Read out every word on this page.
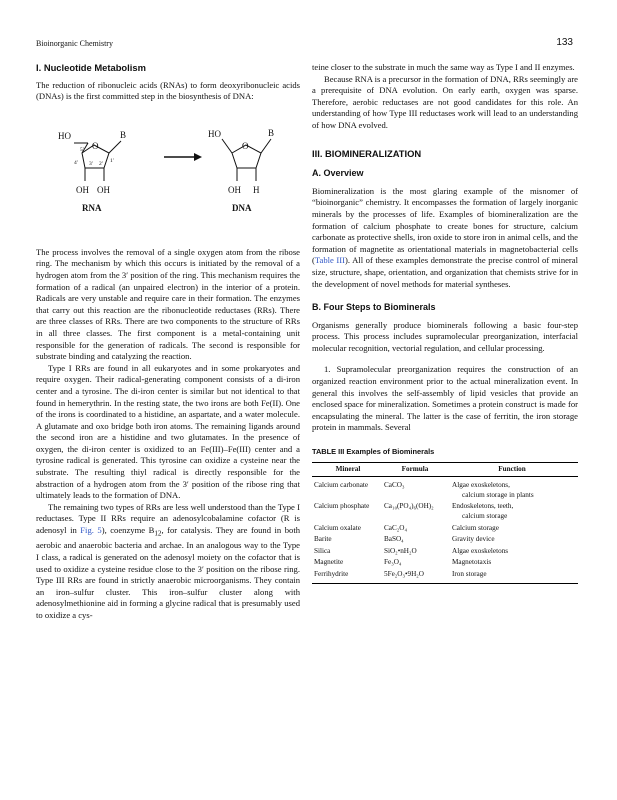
Bioinorganic Chemistry	133
I. Nucleotide Metabolism

The reduction of ribonucleic acids (RNAs) to form deoxyribonucleic acids (DNAs) is the first committed step in the biosynthesis of DNA:

HO	B
O
OH OH
HO	B
O
OH H
5′
4′ 3′ 2′ 1′
RNA	DNA

The process involves the removal of a single oxygen atom from the ribose ring. The mechanism by which this occurs is initiated by the removal of a hydrogen atom from the 3′ position of the ring. This mechanism requires the formation of a radical (an unpaired electron) in the interior of a protein. Radicals are very unstable and require care in their formation. The enzymes that carry out this reaction are the ribonucleotide reductases (RRs). There are three classes of RRs. There are two components to the structure of RRs in all three classes. The first component is a metal-containing unit responsible for the generation of radicals. The second is responsible for substrate binding and catalyzing the reaction.

Type I RRs are found in all eukaryotes and in some prokaryotes and require oxygen. Their radical-generating component consists of a di-iron center and a tyrosine. The di-iron center is similar but not identical to that found in hemerythrin. In the resting state, the two irons are both Fe(II). One of the irons is coordinated to a histidine, an aspartate, and a water molecule. A glutamate and oxo bridge both iron atoms. The remaining ligands around the second iron are a histidine and two glutamates. In the presence of oxygen, the di-iron center is oxidized to an Fe(III)–Fe(III) center and a tyrosine radical is generated. This tyrosine can oxidize a cysteine near the substrate. The resulting thiyl radical is directly responsible for the abstraction of a hydrogen atom from the 3′ position of the ribose ring that ultimately leads to the formation of DNA.

The remaining two types of RRs are less well understood than the Type I reductases. Type II RRs require an adenosylcobalamine cofactor (R is adenosyl in Fig. 5), coenzyme $B_{12}$, for catalysis. They are found in both aerobic and anaerobic bacteria and archae. In an analogous way to the Type I class, a radical is generated on the adenosyl moiety on the cofactor that is used to oxidize a cysteine residue close to the 3′ position on the ribose ring. Type III RRs are found in strictly anaerobic microorganisms. They contain an iron–sulfur cluster. This iron–sulfur cluster along with adenosylmethionine aid in forming a glycine radical that is presumably used to oxidize a cys-

teine closer to the substrate in much the same way as Type I and II enzymes.

Because RNA is a precursor in the formation of DNA, RRs seemingly are a prerequisite of DNA evolution. On early earth, oxygen was sparse. Therefore, aerobic reductases are not good candidates for this role. An understanding of how Type III reductases work will lead to an understanding of how DNA evolved.

III. BIOMINERALIZATION
A. Overview

Biomineralization is the most glaring example of the misnomer of “bioinorganic” chemistry. It encompasses the formation of largely inorganic minerals by the processes of life. Examples of biomineralization are the formation of calcium phosphate to create bones for structure, calcium carbonate as protective shells, iron oxide to store iron in animal cells, and the formation of magnetite as orientational materials in magnetobacterial cells (Table III). All of these examples demonstrate the precise control of mineral size, structure, shape, orientation, and organization that chemists strive for in the development of novel methods for material syntheses.

B. Four Steps to Biominerals

Organisms generally produce biominerals following a basic four-step process. This process includes supramolecular preorganization, interfacial molecular recognition, vectorial regulation, and cellular processing.

1. Supramolecular preorganization requires the construction of an organized reaction environment prior to the actual mineralization event. In general this involves the self-assembly of lipid vesicles that provide an enclosed space for mineralization. Sometimes a protein construct is made for encapsulating the mineral. The latter is the case of ferritin, the iron storage protein in mammals. Several

TABLE III Examples of Biominerals
Mineral	Formula	Function
Calcium carbonate	CaCO₃	Algae exoskeletons,
calcium storage in plants

Calcium phosphate	Ca₁₀(PO₄)₆(OH)₂	Endoskeletons, teeth,
calcium storage

Calcium oxalate	CaC₂O₄	Calcium storage
Barite	BaSO₄	Gravity device
Silica	SiO₂•nH₂O	Algae exoskeletons
Magnetite	Fe₃O₄	Magnetotaxis
Ferrihydrite	5Fe₂O₃•9H₂O	Iron storage
